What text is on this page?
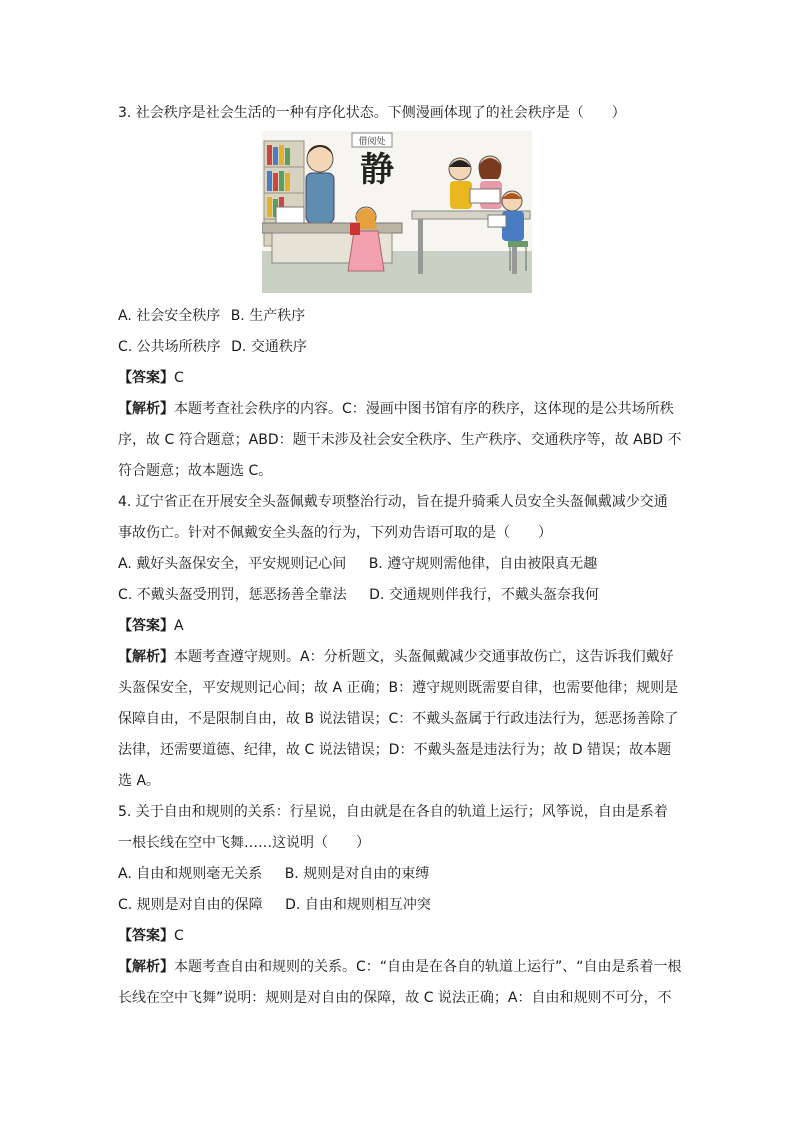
3. 社会秩序是社会生活的一种有序化状态。下侧漫画体现了的社会秩序是（　　）
借阅处
静
A. 社会安全秩序 B. 生产秩序
C. 公共场所秩序 D. 交通秩序
【答案】C
【解析】本题考查社会秩序的内容。C：漫画中图书馆有序的秩序，这体现的是公共场所秩
序，故 C 符合题意；ABD：题干未涉及社会安全秩序、生产秩序、交通秩序等，故 ABD 不
符合题意；故本题选 C。
4. 辽宁省正在开展安全头盔佩戴专项整治行动，旨在提升骑乘人员安全头盔佩戴减少交通
事故伤亡。针对不佩戴安全头盔的行为，下列劝告语可取的是（　　）
A. 戴好头盔保安全，平安规则记心间 B. 遵守规则需他律，自由被限真无趣
C. 不戴头盔受刑罚，惩恶扬善全靠法 D. 交通规则伴我行，不戴头盔奈我何
【答案】A
【解析】本题考查遵守规则。A：分析题文，头盔佩戴减少交通事故伤亡，这告诉我们戴好
头盔保安全，平安规则记心间；故 A 正确；B：遵守规则既需要自律，也需要他律；规则是
保障自由，不是限制自由，故 B 说法错误；C：不戴头盔属于行政违法行为，惩恶扬善除了
法律，还需要道德、纪律，故 C 说法错误；D：不戴头盔是违法行为；故 D 错误；故本题
选 A。
5. 关于自由和规则的关系：行星说，自由就是在各自的轨道上运行；风筝说，自由是系着
一根长线在空中飞舞……这说明（　　）
A. 自由和规则毫无关系 B. 规则是对自由的束缚
C. 规则是对自由的保障 D. 自由和规则相互冲突
【答案】C
【解析】本题考查自由和规则的关系。C：“自由是在各自的轨道上运行”、“自由是系着一根
长线在空中飞舞”说明：规则是对自由的保障，故 C 说法正确；A：自由和规则不可分，不
